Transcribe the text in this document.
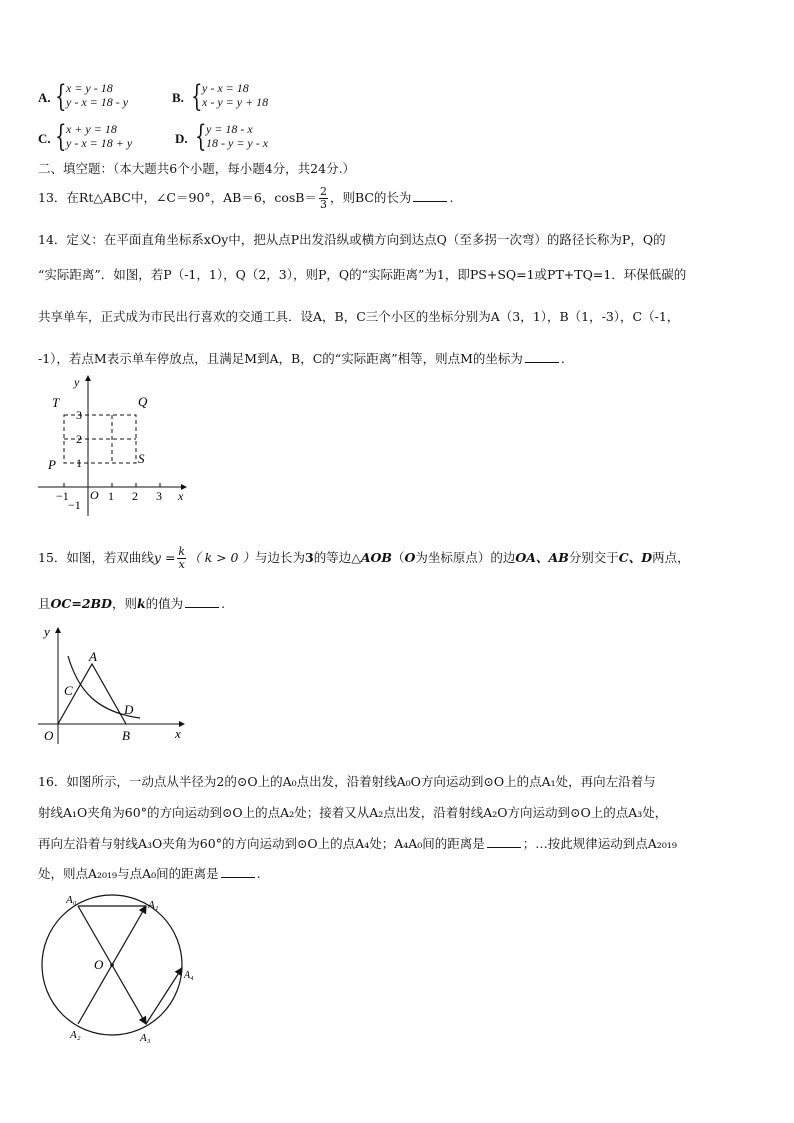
A. { x = y - 18
y - x = 18 - y	B. { y - x = 18
x - y = y + 18
C. { x + y = 18
y - x = 18 + y	D. { y = 18 - x
18 - y = y - x
二、填空题：（本大题共6个小题，每小题4分，共24分.）
13．在Rt△ABC中，∠C＝90°，AB＝6，$\cos B= \frac{2}{3}$ ，则BC的长为	.
14．定义：在平面直角坐标系xOy中，把从点P出发沿纵或横方向到达点Q（至多拐一次弯）的路径长称为P，Q的
“实际距离”．如图，若P（-1，1），Q（2，3），则P，Q的“实际距离”为1，即PS+SQ=1或PT+TQ=1．环保低碳的
共享单车，正式成为市民出行喜欢的交通工具．设A，B，C三个小区的坐标分别为A（3，1），B（1，-3），C（-1，
-1），若点M表示单车停放点，且满足M到A，B，C的“实际距离”相等，则点M的坐标为	.
−1	1 2 3
3
2
1
−1
O	x
y
T	Q
P	S
15．如图，若双曲线$y = \frac{k}{x}$ （ k > 0 ）与边长为3的等边△AOB（O为坐标原点）的边OA、AB分别交于C、D两点，
且OC=2BD，则k的值为	.
A
C
D
B
O	x
y
16．如图所示，一动点从半径为2的⊙O上的A₀点出发，沿着射线A₀O方向运动到⊙O上的点A₁处，再向左沿着与
射线A₁O夹角为60°的方向运动到⊙O上的点A₂处；接着又从A₂点出发，沿着射线A₂O方向运动到⊙O上的点A₃处，
再向左沿着与射线A₃O夹角为60°的方向运动到⊙O上的点A₄处；A₄A₀间的距离是	；…按此规律运动到点A₂₀₁₉
处，则点A₂₀₁₉与点A₀间的距离是	.
O
A₀	A₁
A₂	A₃
A₄
